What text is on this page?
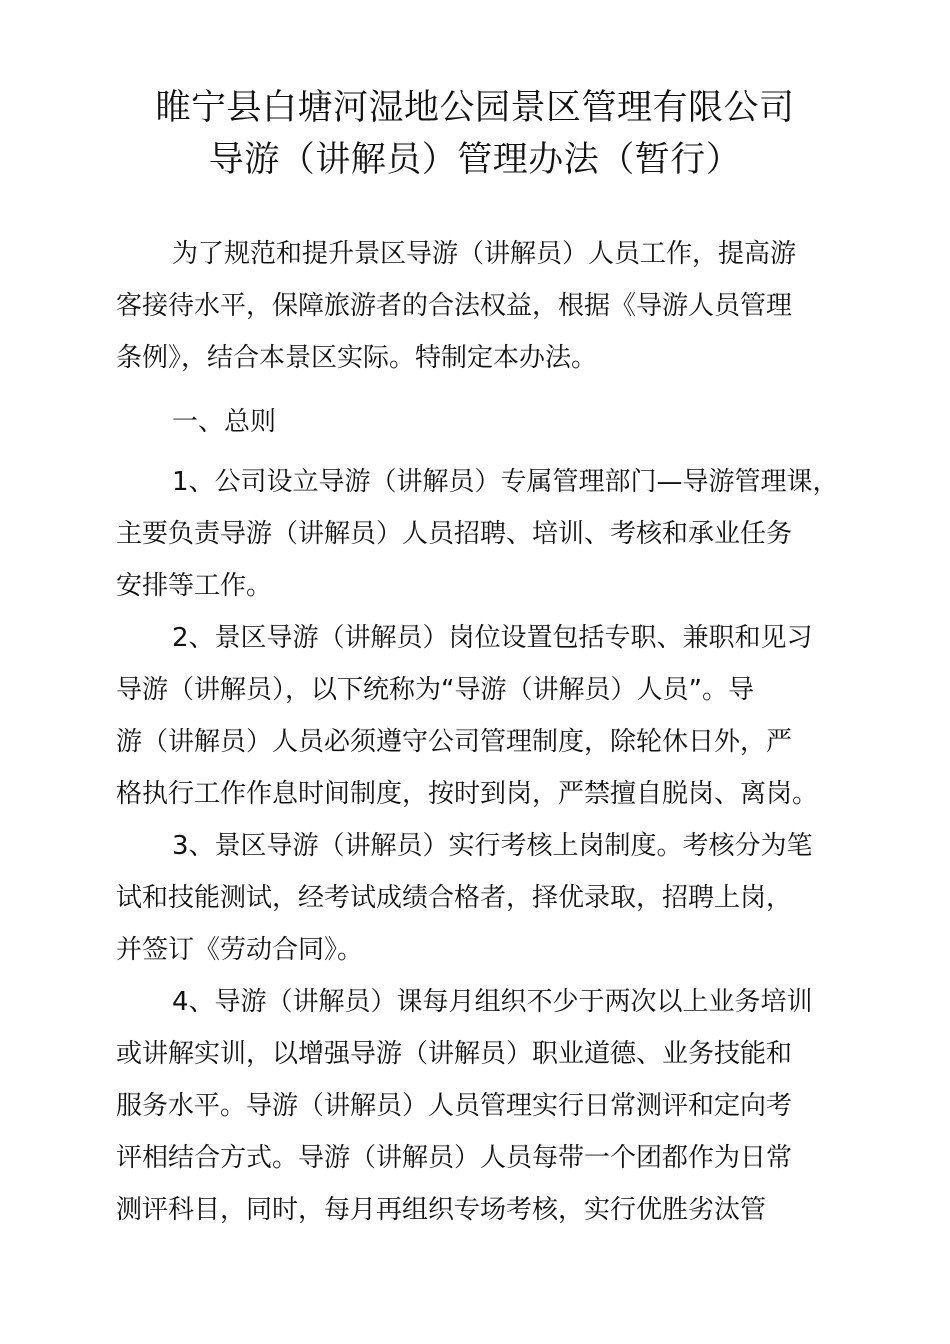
睢宁县白塘河湿地公园景区管理有限公司
导游（讲解员）管理办法（暂行）
为了规范和提升景区导游（讲解员）人员工作，提高游
客接待水平，保障旅游者的合法权益，根据《导游人员管理
条例》，结合本景区实际。特制定本办法。
一、总则
1、公司设立导游（讲解员）专属管理部门—导游管理课，
主要负责导游（讲解员）人员招聘、培训、考核和承业任务
安排等工作。
2、景区导游（讲解员）岗位设置包括专职、兼职和见习
导游（讲解员），以下统称为“导游（讲解员）人员”。导
游（讲解员）人员必须遵守公司管理制度，除轮休日外，严
格执行工作作息时间制度，按时到岗，严禁擅自脱岗、离岗。
3、景区导游（讲解员）实行考核上岗制度。考核分为笔
试和技能测试，经考试成绩合格者，择优录取，招聘上岗，
并签订《劳动合同》。
4、导游（讲解员）课每月组织不少于两次以上业务培训
或讲解实训，以增强导游（讲解员）职业道德、业务技能和
服务水平。导游（讲解员）人员管理实行日常测评和定向考
评相结合方式。导游（讲解员）人员每带一个团都作为日常
测评科目，同时，每月再组织专场考核，实行优胜劣汰管
